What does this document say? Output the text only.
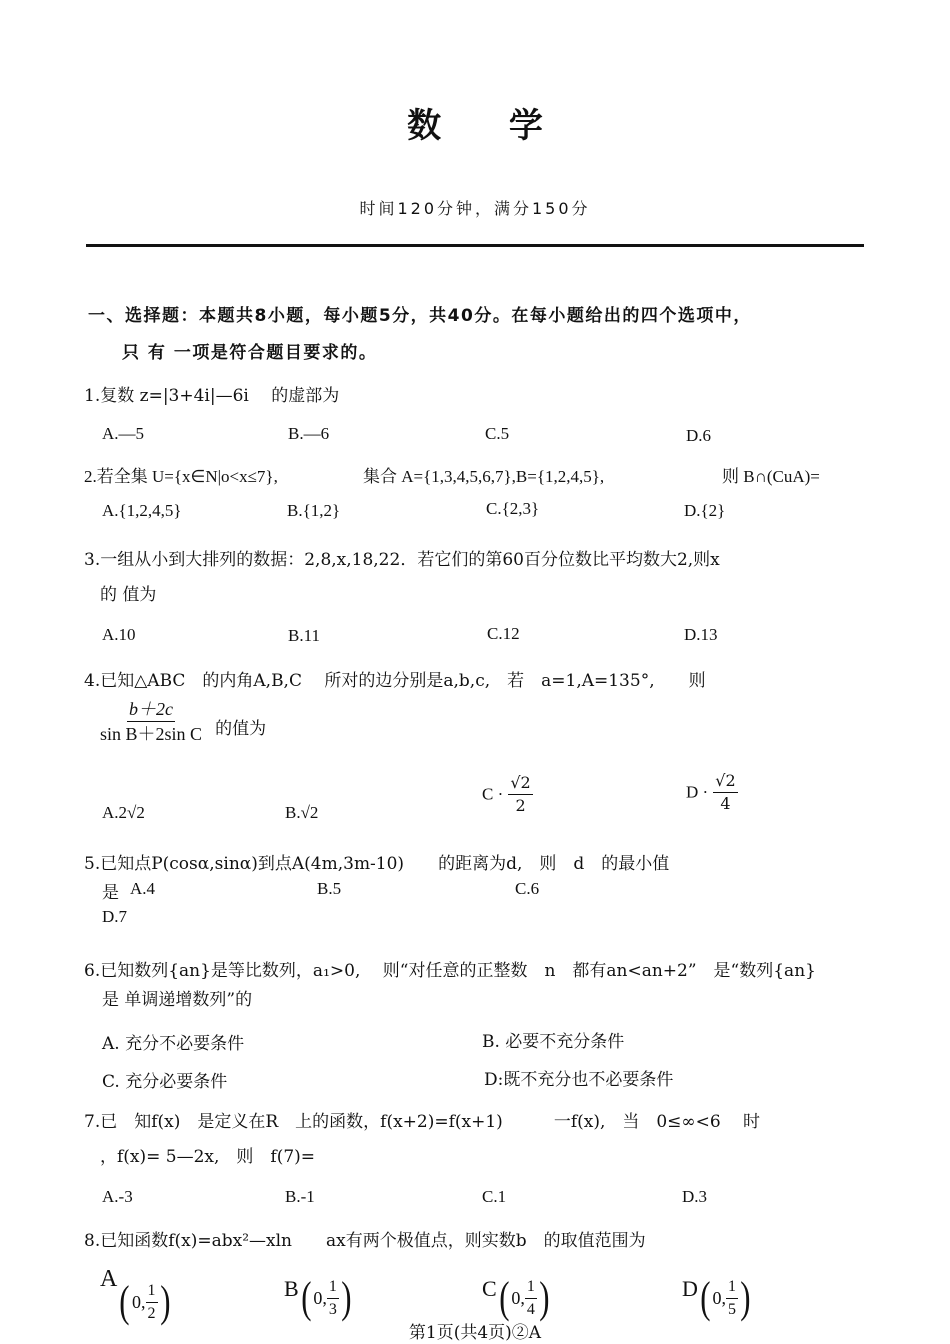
数 学
时间120分钟，满分150分
一、选择题：本题共8小题，每小题5分，共40分。在每小题给出的四个选项中，
只 有 一项是符合题目要求的。
1.复数 z=|3+4i|—6i　 的虚部为
A.—5	B.—6	C.5	D.6
2.若全集 U={x∈N|o<x≤7},	集合 A={1,3,4,5,6,7},B={1,2,4,5},	则 B∩(CuA)=
A.{1,2,4,5}	B.{1,2}	C.{2,3}	D.{2}
3.一组从小到大排列的数据：2,8,x,18,22．若它们的第60百分位数比平均数大2,则x
的 值为
A.10	B.11	C.12	D.13
4.已知△ABC　的内角A,B,C　 所对的边分别是a,b,c,　若　a=1,A=135°,　　则
$\frac{b+2c}{\text{sin B＋2sin C}}$ 的值为
A.2√2	B.√2
$C \cdot \frac{√2}{2}$	$D \cdot \frac{√2}{4}$
5.已知点P(cosα,sinα)到点A(4m,3m-10)　　的距离为d,　则　d　的最小值
是 A.4	B.5	C.6
D.7
6.已知数列{an}是等比数列，a₁>0,　 则“对任意的正整数　n　都有an<an+2”　是“数列{an}
是 单调递增数列”的
A. 充分不必要条件	B. 必要不充分条件
C. 充分必要条件	D:既不充分也不必要条件
7.已　知f(x)　是定义在R　上的函数，f(x+2)=f(x+1)　　　一f(x),　当　0≤∞<6　 时
，f(x)= 5—2x,　则　f(7)=
A.-3	B.-1	C.1	D.3
8.已知函数f(x)=abx²—xln　　ax有两个极值点，则实数b　的取值范围为
A ( 0, $\frac{1}{2}$ )	B ( 0, $\frac{1}{3}$ )	C ( 0, $\frac{1}{4}$ )	D ( 0, $\frac{1}{5}$ )
第1页(共4页)②A
